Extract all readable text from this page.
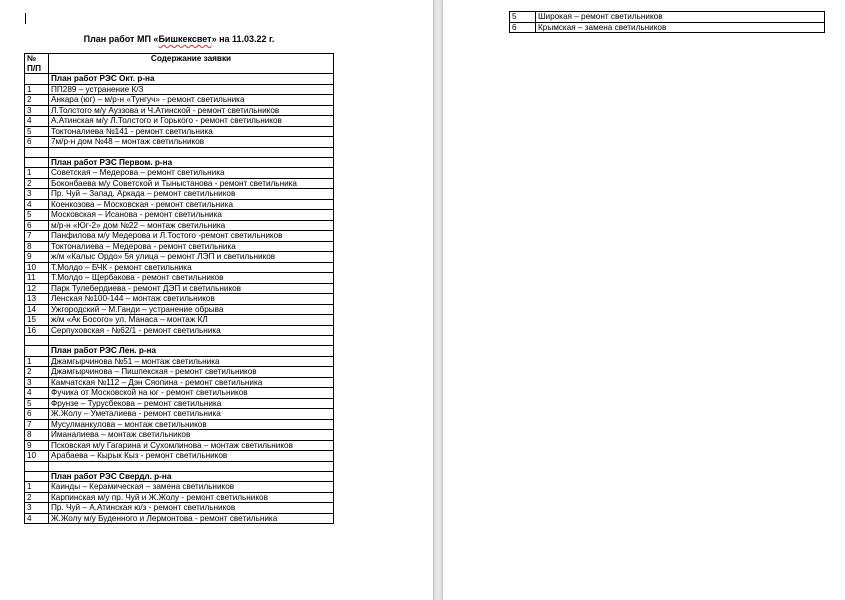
План работ МП «Бишкексвет» на 11.03.22 г.
№ П/П	Содержание заявки
	План работ РЭС Окт. р-на
1	ПП289 – устранение К/З
2	Анкара (юг) – м/р-н «Тунгуч» - ремонт светильника
3	Л.Толстого м/у Ауззова и Ч.Атинской - ремонт светильников
4	А.Атинская м/у Л.Толстого и Горького - ремонт светильников
5	Токтоналиева №141 - ремонт светильника
6	7м/р-н дом №48 – монтаж светильников

	План работ РЭС Первом. р-на
1	Советская – Медерова – ремонт светильника
2	Боконбаева м/у Советской и Тыныстанова - ремонт светильника
3	Пр. Чуй – Запад. Аркада – ремонт светильников
4	Коенкозова – Московская - ремонт светильника
5	Московская – Исанова - ремонт светильника
6	м/р-н «Юг-2» дом №22 – монтаж светильника
7	Панфилова м/у Медерова и Л.Тостого -ремонт светильников
8	Токтоналиева – Медерова - ремонт светильника
9	ж/м «Калыс Ордо» 5я улица – ремонт ЛЭП и светильников
10	Т.Молдо – БЧК - ремонт светильника
11	Т.Молдо – Щербакова - ремонт светильников
12	Парк Тулебердиева - ремонт ДЭП и светильников
13	Ленская №100-144 – монтаж светильников
14	Ужгородский – М.Ганди – устранение обрыва
15	ж/м «Ак Босого» ул. Манаса – монтаж КЛ
16	Серпуховская - №62/1 - ремонт светильника

	План работ РЭС Лен. р-на
1	Джамгырчинова №51 – монтаж светильника
2	Джамгырчинова – Пишпекская - ремонт светильников
3	Камчатская №112 – Дэн Сяопина - ремонт светильника
4	Фучика от Московской на юг - ремонт светильников
5	Фрунзе – Турусбекова – ремонт светильника
6	Ж.Жолу – Уметалиева - ремонт светильника
7	Мусулманкулова – монтаж светильников
8	Иманалиева – монтаж светильников
9	Псковская м/у Гагарина и Сухомлинова – монтаж светильников
10	Арабаева – Кырык Кыз - ремонт светильников

	План работ РЭС Свердл. р-на
1	Каинды – Керамическая – замена светильников
2	Карпинская м/у пр. Чуй и Ж.Жолу - ремонт светильников
3	Пр. Чуй – А.Атинская ю/з - ремонт светильников
4	Ж.Жолу м/у Буденного и Лермонтова - ремонт светильника
5	Широкая – ремонт светильников
6	Крымская – замена светильников
